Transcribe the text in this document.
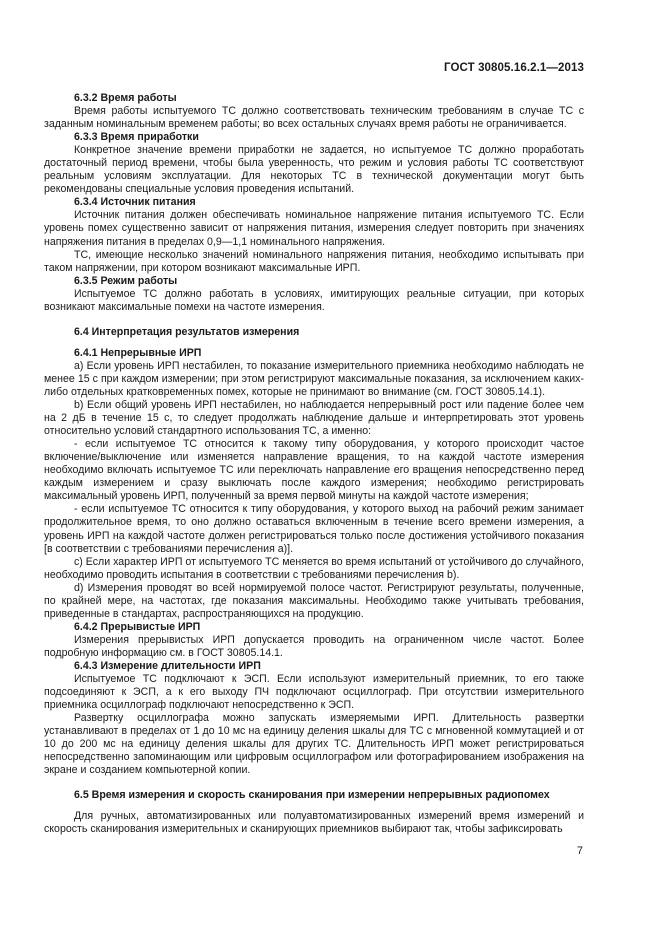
ГОСТ 30805.16.2.1—2013
6.3.2 Время работы

Время работы испытуемого ТС должно соответствовать техническим требованиям в случае ТС с заданным номинальным временем работы; во всех остальных случаях время работы не ограничивается.

6.3.3 Время приработки

Конкретное значение времени приработки не задается, но испытуемое ТС должно проработать достаточный период времени, чтобы была уверенность, что режим и условия работы ТС соответствуют реальным условиям эксплуатации. Для некоторых ТС в технической документации могут быть рекомендованы специальные условия проведения испытаний.

6.3.4 Источник питания

Источник питания должен обеспечивать номинальное напряжение питания испытуемого ТС. Если уровень помех существенно зависит от напряжения питания, измерения следует повторить при значениях напряжения питания в пределах 0,9—1,1 номинального напряжения.

ТС, имеющие несколько значений номинального напряжения питания, необходимо испытывать при таком напряжении, при котором возникают максимальные ИРП.

6.3.5 Режим работы

Испытуемое ТС должно работать в условиях, имитирующих реальные ситуации, при которых возникают максимальные помехи на частоте измерения.

6.4 Интерпретация результатов измерения
6.4.1 Непрерывные ИРП

а) Если уровень ИРП нестабилен, то показание измерительного приемника необходимо наблюдать не менее 15 с при каждом измерении; при этом регистрируют максимальные показания, за исключением каких-либо отдельных кратковременных помех, которые не принимают во внимание (см. ГОСТ 30805.14.1).

b) Если общий уровень ИРП нестабилен, но наблюдается непрерывный рост или падение более чем на 2 дБ в течение 15 с, то следует продолжать наблюдение дальше и интерпретировать этот уровень относительно условий стандартного использования ТС, а именно:

- если испытуемое ТС относится к такому типу оборудования, у которого происходит частое включение/выключение или изменяется направление вращения, то на каждой частоте измерения необходимо включать испытуемое ТС или переключать направление его вращения непосредственно перед каждым измерением и сразу выключать после каждого измерения; необходимо регистрировать максимальный уровень ИРП, полученный за время первой минуты на каждой частоте измерения;

- если испытуемое ТС относится к типу оборудования, у которого выход на рабочий режим занимает продолжительное время, то оно должно оставаться включенным в течение всего времени измерения, а уровень ИРП на каждой частоте должен регистрироваться только после достижения устойчивого показания [в соответствии с требованиями перечисления а)].

с) Если характер ИРП от испытуемого ТС меняется во время испытаний от устойчивого до случайного, необходимо проводить испытания в соответствии с требованиями перечисления b).

d) Измерения проводят во всей нормируемой полосе частот. Регистрируют результаты, полученные, по крайней мере, на частотах, где показания максимальны. Необходимо также учитывать требования, приведенные в стандартах, распространяющихся на продукцию.

6.4.2 Прерывистые ИРП

Измерения прерывистых ИРП допускается проводить на ограниченном числе частот. Более подробную информацию см. в ГОСТ 30805.14.1.

6.4.3 Измерение длительности ИРП

Испытуемое ТС подключают к ЭСП. Если используют измерительный приемник, то его также подсоединяют к ЭСП, а к его выходу ПЧ подключают осциллограф. При отсутствии измерительного приемника осциллограф подключают непосредственно к ЭСП.

Развертку осциллографа можно запускать измеряемыми ИРП. Длительность развертки устанавливают в пределах от 1 до 10 мс на единицу деления шкалы для ТС с мгновенной коммутацией и от 10 до 200 мс на единицу деления шкалы для других ТС. Длительность ИРП может регистрироваться непосредственно запоминающим или цифровым осциллографом или фотографированием изображения на экране и созданием компьютерной копии.

6.5 Время измерения и скорость сканирования при измерении непрерывных радиопомех

Для ручных, автоматизированных или полуавтоматизированных измерений время измерений и скорость сканирования измерительных и сканирующих приемников выбирают так, чтобы зафиксировать

7
